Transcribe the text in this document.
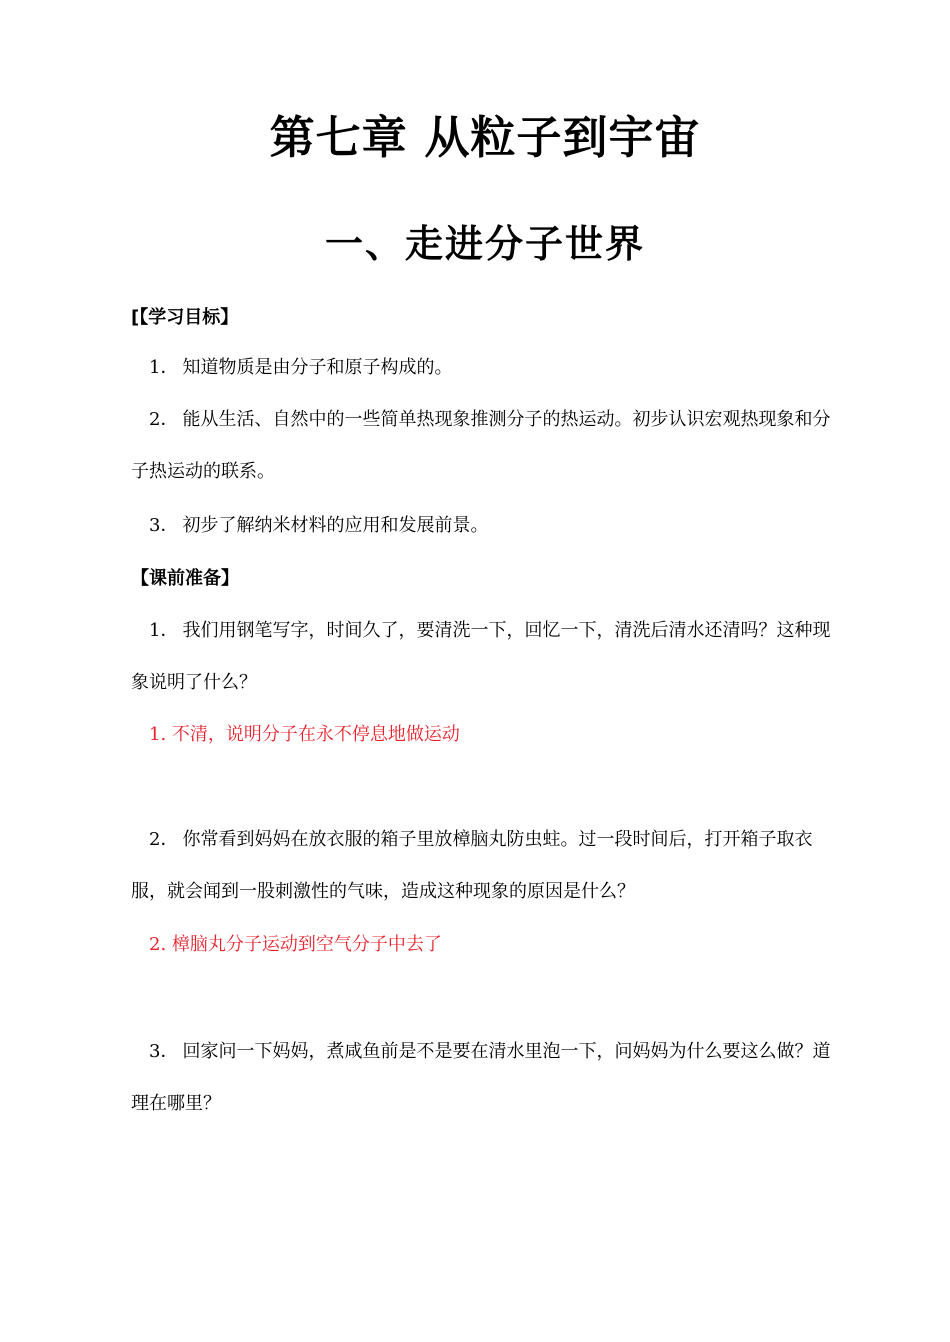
第七章 从粒子到宇宙
一、走进分子世界
[【学习目标】
1． 知道物质是由分子和原子构成的。
2． 能从生活、自然中的一些简单热现象推测分子的热运动。初步认识宏观热现象和分子热运动的联系。
3． 初步了解纳米材料的应用和发展前景。
【课前准备】
1． 我们用钢笔写字，时间久了，要清洗一下，回忆一下，清洗后清水还清吗？这种现象说明了什么？
1. 不清，说明分子在永不停息地做运动
2． 你常看到妈妈在放衣服的箱子里放樟脑丸防虫蛀。过一段时间后，打开箱子取衣服，就会闻到一股刺激性的气味，造成这种现象的原因是什么？
2. 樟脑丸分子运动到空气分子中去了
3． 回家问一下妈妈，煮咸鱼前是不是要在清水里泡一下，问妈妈为什么要这么做？道理在哪里？
